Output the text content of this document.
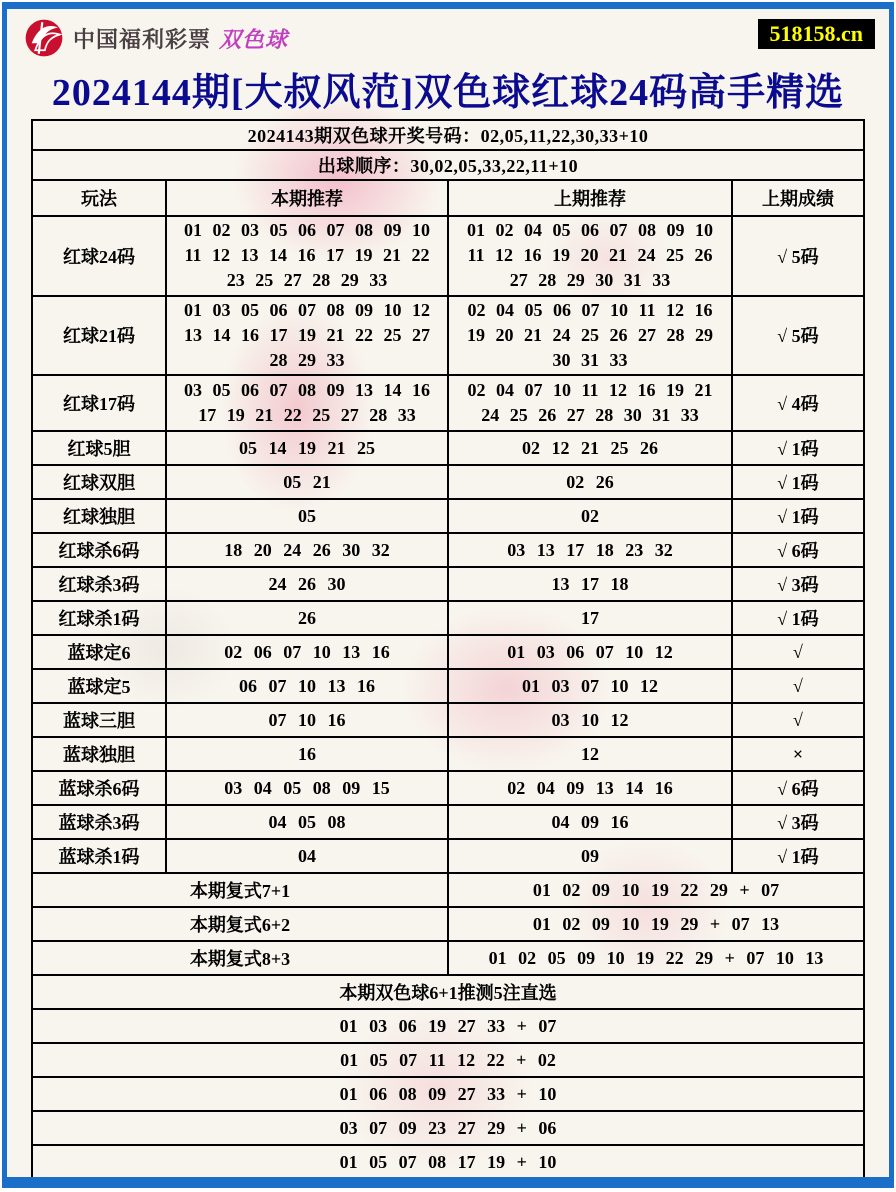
中国福利彩票 双色球	518158.cn
2024144期[大叔风范]双色球红球24码高手精选
2024143期双色球开奖号码：02,05,11,22,30,33+10			
出球顺序：30,02,05,33,22,11+10			
玩法	本期推荐	上期推荐	上期成绩
红球24码	01 02 03 05 06 07 08 09 10 11 12 13 14 16 17 19 21 22 23 25 27 28 29 33	01 02 04 05 06 07 08 09 10 11 12 16 19 20 21 24 25 26 27 28 29 30 31 33	√ 5码
红球21码	01 03 05 06 07 08 09 10 12 13 14 16 17 19 21 22 25 27 28 29 33	02 04 05 06 07 10 11 12 16 19 20 21 24 25 26 27 28 29 30 31 33	√ 5码
红球17码	03 05 06 07 08 09 13 14 16 17 19 21 22 25 27 28 33	02 04 07 10 11 12 16 19 21 24 25 26 27 28 30 31 33	√ 4码
红球5胆	05 14 19 21 25	02 12 21 25 26	√ 1码
红球双胆	05 21	02 26	√ 1码
红球独胆	05	02	√ 1码
红球杀6码	18 20 24 26 30 32	03 13 17 18 23 32	√ 6码
红球杀3码	24 26 30	13 17 18	√ 3码
红球杀1码	26	17	√ 1码
蓝球定6	02 06 07 10 13 16	01 03 06 07 10 12	√
蓝球定5	06 07 10 13 16	01 03 07 10 12	√
蓝球三胆	07 10 16	03 10 12	√
蓝球独胆	16	12	×
蓝球杀6码	03 04 05 08 09 15	02 04 09 13 14 16	√ 6码
蓝球杀3码	04 05 08	04 09 16	√ 3码
蓝球杀1码	04	09	√ 1码
本期复式7+1		01 02 09 10 19 22 29 + 07	
本期复式6+2		01 02 09 10 19 29 + 07 13	
本期复式8+3		01 02 05 09 10 19 22 29 + 07 10 13	
本期双色球6+1推测5注直选			
01 03 06 19 27 33 + 07			
01 05 07 11 12 22 + 02			
01 06 08 09 27 33 + 10			
03 07 09 23 27 29 + 06			
01 05 07 08 17 19 + 10			
